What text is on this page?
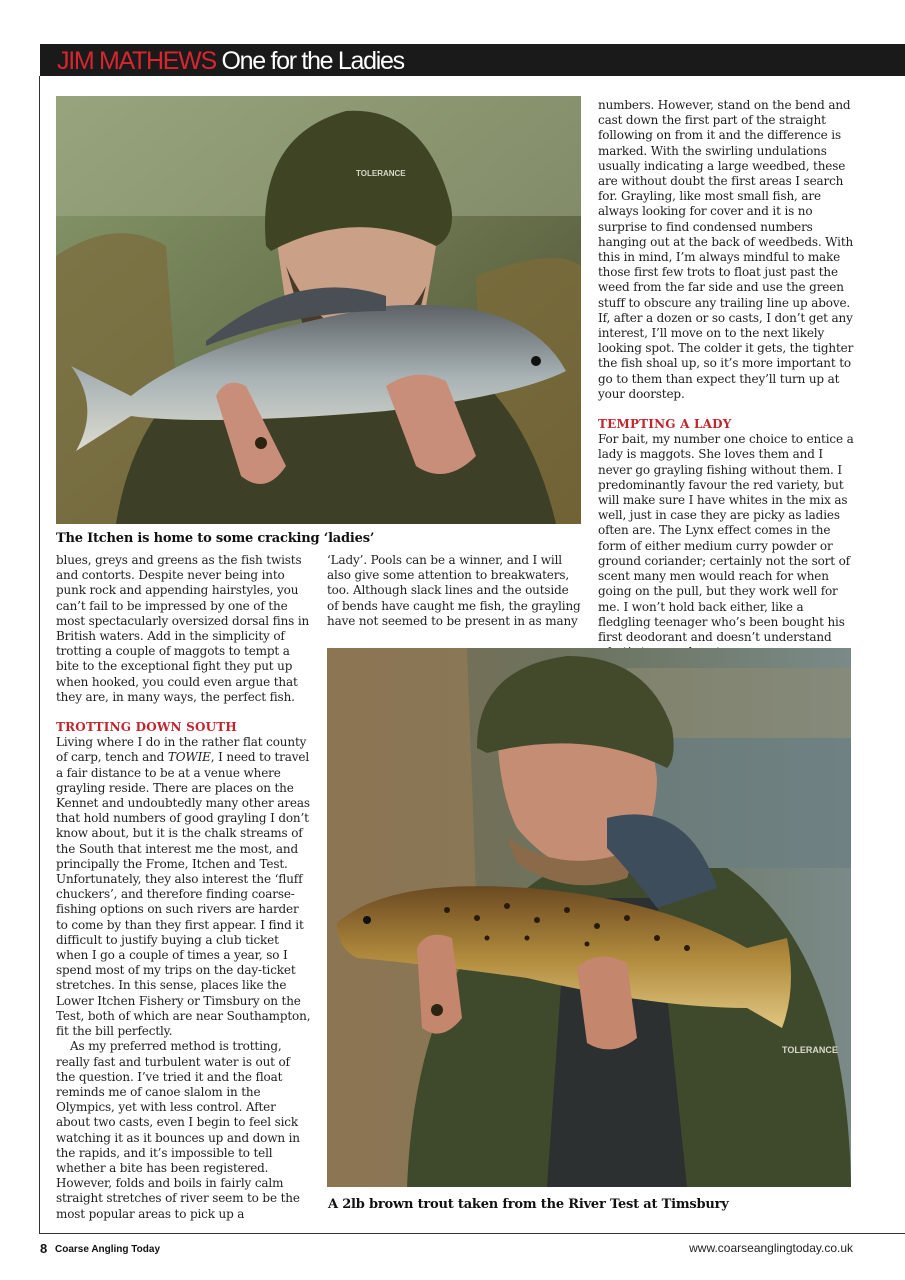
JIM MATHEWS One for the Ladies
TOLERANCE
The Itchen is home to some cracking ‘ladies’

blues, greys and greens as the fish twists and contorts. Despite never being into punk rock and appending hairstyles, you can’t fail to be impressed by one of the most spectacularly oversized dorsal fins in British waters. Add in the simplicity of trotting a couple of maggots to tempt a bite to the exceptional fight they put up when hooked, you could even argue that they are, in many ways, the perfect fish.

TROTTING DOWN SOUTH

Living where I do in the rather flat county of carp, tench and TOWIE, I need to travel a fair distance to be at a venue where grayling reside. There are places on the Kennet and undoubtedly many other areas that hold numbers of good grayling I don’t know about, but it is the chalk streams of the South that interest me the most, and principally the Frome, Itchen and Test. Unfortunately, they also interest the ‘fluff chuckers’, and therefore finding coarse-fishing options on such rivers are harder to come by than they first appear. I find it difficult to justify buying a club ticket when I go a couple of times a year, so I spend most of my trips on the day-ticket stretches. In this sense, places like the Lower Itchen Fishery or Timsbury on the Test, both of which are near Southampton, fit the bill perfectly.

As my preferred method is trotting, really fast and turbulent water is out of the question. I’ve tried it and the float reminds me of canoe slalom in the Olympics, yet with less control. After about two casts, even I begin to feel sick watching it as it bounces up and down in the rapids, and it’s impossible to tell whether a bite has been registered. However, folds and boils in fairly calm straight stretches of river seem to be the most popular areas to pick up a

‘Lady’. Pools can be a winner, and I will also give some attention to breakwaters, too. Although slack lines and the outside of bends have caught me fish, the grayling have not seemed to be present in as many

numbers. However, stand on the bend and cast down the first part of the straight following on from it and the difference is marked. With the swirling undulations usually indicating a large weedbed, these are without doubt the first areas I search for. Grayling, like most small fish, are always looking for cover and it is no surprise to find condensed numbers hanging out at the back of weedbeds. With this in mind, I’m always mindful to make those first few trots to float just past the weed from the far side and use the green stuff to obscure any trailing line up above. If, after a dozen or so casts, I don’t get any interest, I’ll move on to the next likely looking spot. The colder it gets, the tighter the fish shoal up, so it’s more important to go to them than expect they’ll turn up at your doorstep.

TEMPTING A LADY

For bait, my number one choice to entice a lady is maggots. She loves them and I never go grayling fishing without them. I predominantly favour the red variety, but will make sure I have whites in the mix as well, just in case they are picky as ladies often are. The Lynx effect comes in the form of either medium curry powder or ground coriander; certainly not the sort of scent many men would reach for when going on the pull, but they work well for me. I won’t hold back either, like a fledgling teenager who’s been bought his first deodorant and doesn’t understand

TOLERANCE
A 2lb brown trout taken from the River Test at Timsbury
8 Coarse Angling Today	www.coarseanglingtoday.co.uk
